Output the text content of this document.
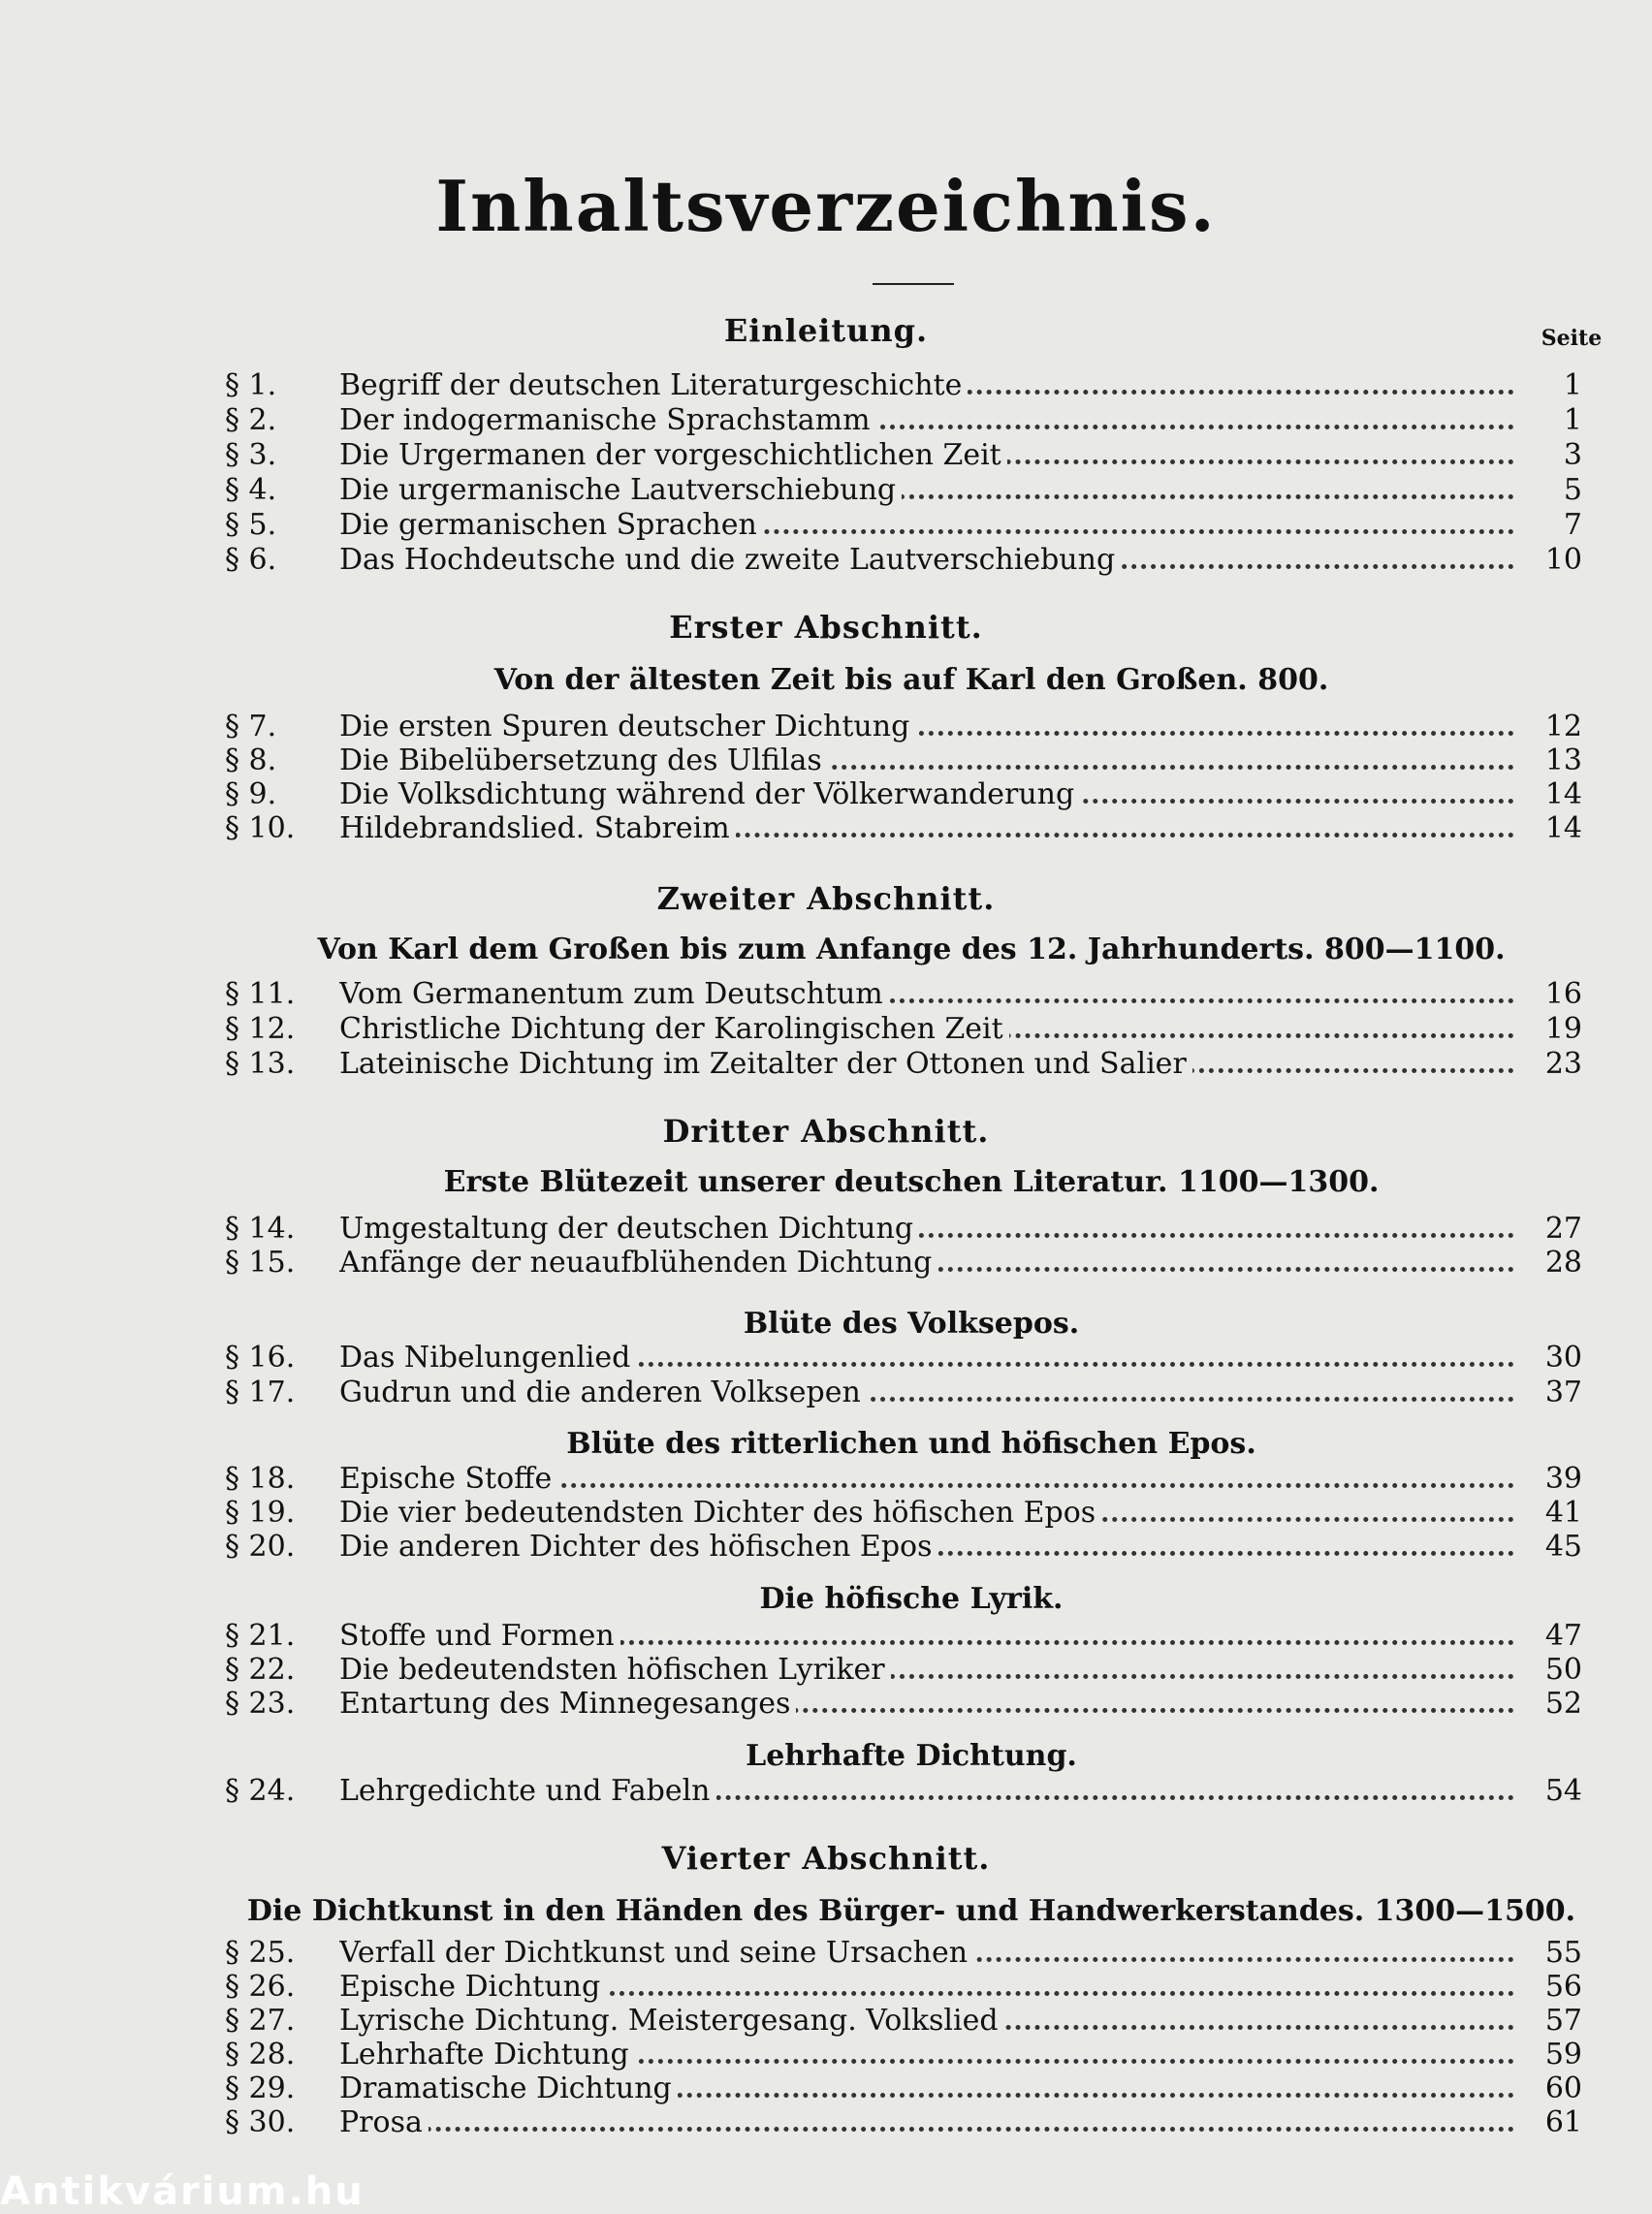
Inhaltsverzeichnis.
Seite
Einleitung.
§ 1.	Begriff der deutschen Literaturgeschichte	1
§ 2.	Der indogermanische Sprachstamm	1
§ 3.	Die Urgermanen der vorgeschichtlichen Zeit	3
§ 4.	Die urgermanische Lautverschiebung	5
§ 5.	Die germanischen Sprachen	7
§ 6.	Das Hochdeutsche und die zweite Lautverschiebung	10
Erster Abschnitt.
Von der ältesten Zeit bis auf Karl den Großen. 800.
§ 7.	Die ersten Spuren deutscher Dichtung	12
§ 8.	Die Bibelübersetzung des Ulfilas	13
§ 9.	Die Volksdichtung während der Völkerwanderung	14
§ 10.	Hildebrandslied. Stabreim	14
Zweiter Abschnitt.
Von Karl dem Großen bis zum Anfange des 12. Jahrhunderts. 800—1100.
§ 11.	Vom Germanentum zum Deutschtum	16
§ 12.	Christliche Dichtung der Karolingischen Zeit	19
§ 13.	Lateinische Dichtung im Zeitalter der Ottonen und Salier	23
Dritter Abschnitt.
Erste Blütezeit unserer deutschen Literatur. 1100—1300.
§ 14.	Umgestaltung der deutschen Dichtung	27
§ 15.	Anfänge der neuaufblühenden Dichtung	28
Blüte des Volksepos.
§ 16.	Das Nibelungenlied	30
§ 17.	Gudrun und die anderen Volksepen	37
Blüte des ritterlichen und höfischen Epos.
§ 18.	Epische Stoffe	39
§ 19.	Die vier bedeutendsten Dichter des höfischen Epos	41
§ 20.	Die anderen Dichter des höfischen Epos	45
Die höfische Lyrik.
§ 21.	Stoffe und Formen	47
§ 22.	Die bedeutendsten höfischen Lyriker	50
§ 23.	Entartung des Minnegesanges	52
Lehrhafte Dichtung.
§ 24.	Lehrgedichte und Fabeln	54
Vierter Abschnitt.
Die Dichtkunst in den Händen des Bürger- und Handwerkerstandes. 1300—1500.
§ 25.	Verfall der Dichtkunst und seine Ursachen	55
§ 26.	Epische Dichtung	56
§ 27.	Lyrische Dichtung. Meistergesang. Volkslied	57
§ 28.	Lehrhafte Dichtung	59
§ 29.	Dramatische Dichtung	60
§ 30.	Prosa	61
Antikvárium.hu
